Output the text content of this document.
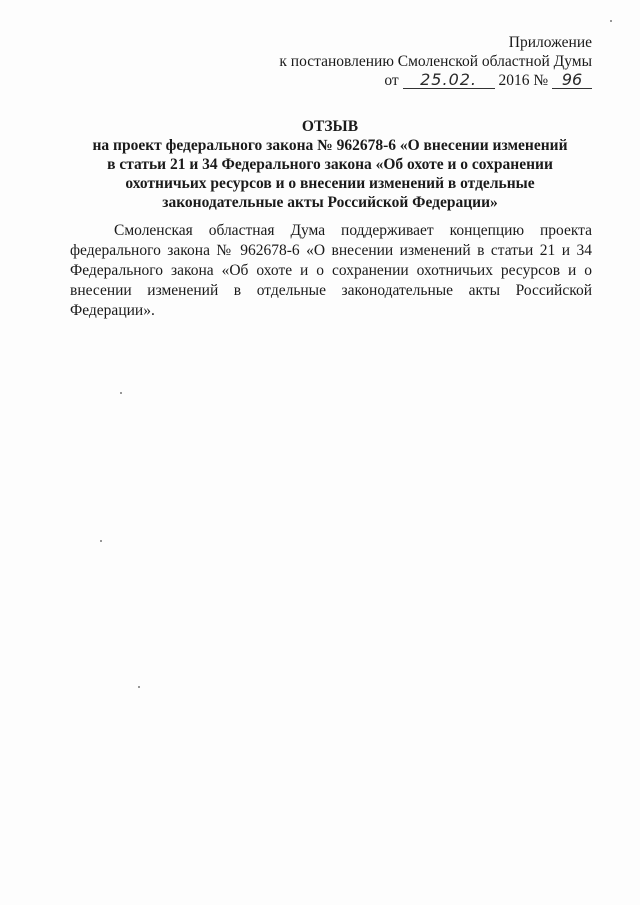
Приложение
к постановлению Смоленской областной Думы
от 25.02. 2016 № 96
ОТЗЫВ
на проект федерального закона № 962678-6 «О внесении изменений
в статьи 21 и 34 Федерального закона «Об охоте и о сохранении
охотничьих ресурсов и о внесении изменений в отдельные
законодательные акты Российской Федерации»

Смоленская областная Дума поддерживает концепцию проекта федерального закона № 962678-6 «О внесении изменений в статьи 21 и 34 Федерального закона «Об охоте и о сохранении охотничьих ресурсов и о внесении изменений в отдельные законодательные акты Российской Федерации».
